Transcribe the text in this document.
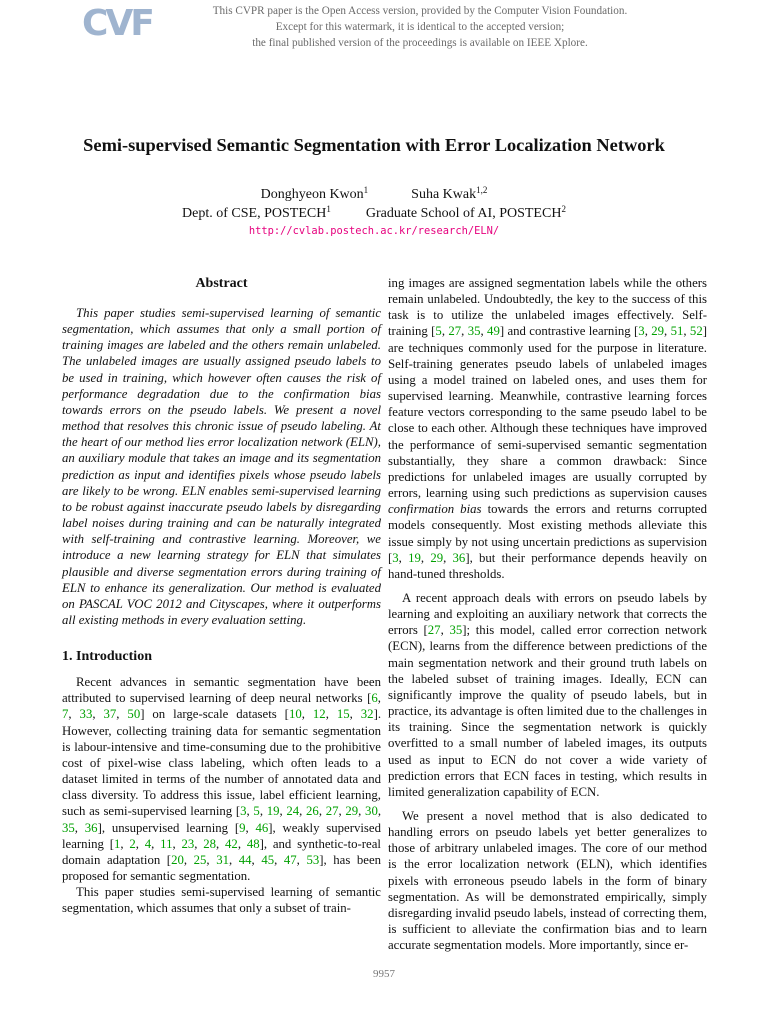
CVF	This CVPR paper is the Open Access version, provided by the Computer Vision Foundation.
Except for this watermark, it is identical to the accepted version;
the final published version of the proceedings is available on IEEE Xplore.
Semi-supervised Semantic Segmentation with Error Localization Network
Donghyeon Kwon$^1$	Suha Kwak$^{1,2}$
Dept. of CSE, POSTECH$^1$	Graduate School of AI, POSTECH$^2$
http://cvlab.postech.ac.kr/research/ELN/
Abstract

This paper studies semi-supervised learning of semantic segmentation, which assumes that only a small portion of training images are labeled and the others remain unlabeled. The unlabeled images are usually assigned pseudo labels to be used in training, which however often causes the risk of performance degradation due to the confirmation bias towards errors on the pseudo labels. We present a novel method that resolves this chronic issue of pseudo labeling. At the heart of our method lies error localization network (ELN), an auxiliary module that takes an image and its segmentation prediction as input and identifies pixels whose pseudo labels are likely to be wrong. ELN enables semi-supervised learning to be robust against inaccurate pseudo labels by disregarding label noises during training and can be naturally integrated with self-training and contrastive learning. Moreover, we introduce a new learning strategy for ELN that simulates plausible and diverse segmentation errors during training of ELN to enhance its generalization. Our method is evaluated on PASCAL VOC 2012 and Cityscapes, where it outperforms all existing methods in every evaluation setting.

1. Introduction

Recent advances in semantic segmentation have been attributed to supervised learning of deep neural networks [6, 7, 33, 37, 50] on large-scale datasets [10, 12, 15, 32]. However, collecting training data for semantic segmentation is labour-intensive and time-consuming due to the prohibitive cost of pixel-wise class labeling, which often leads to a dataset limited in terms of the number of annotated data and class diversity. To address this issue, label efficient learning, such as semi-supervised learning [3, 5, 19, 24, 26, 27, 29, 30, 35, 36], unsupervised learning [9, 46], weakly supervised learning [1, 2, 4, 11, 23, 28, 42, 48], and synthetic-to-real domain adaptation [20, 25, 31, 44, 45, 47, 53], has been proposed for semantic segmentation.

This paper studies semi-supervised learning of semantic segmentation, which assumes that only a subset of train-

ing images are assigned segmentation labels while the others remain unlabeled. Undoubtedly, the key to the success of this task is to utilize the unlabeled images effectively. Self-training [5, 27, 35, 49] and contrastive learning [3, 29, 51, 52] are techniques commonly used for the purpose in literature. Self-training generates pseudo labels of unlabeled images using a model trained on labeled ones, and uses them for supervised learning. Meanwhile, contrastive learning forces feature vectors corresponding to the same pseudo label to be close to each other. Although these techniques have improved the performance of semi-supervised semantic segmentation substantially, they share a common drawback: Since predictions for unlabeled images are usually corrupted by errors, learning using such predictions as supervision causes confirmation bias towards the errors and returns corrupted models consequently. Most existing methods alleviate this issue simply by not using uncertain predictions as supervision [3, 19, 29, 36], but their performance depends heavily on hand-tuned thresholds.

A recent approach deals with errors on pseudo labels by learning and exploiting an auxiliary network that corrects the errors [27, 35]; this model, called error correction network (ECN), learns from the difference between predictions of the main segmentation network and their ground truth labels on the labeled subset of training images. Ideally, ECN can significantly improve the quality of pseudo labels, but in practice, its advantage is often limited due to the challenges in its training. Since the segmentation network is quickly overfitted to a small number of labeled images, its outputs used as input to ECN do not cover a wide variety of prediction errors that ECN faces in testing, which results in limited generalization capability of ECN.

We present a novel method that is also dedicated to handling errors on pseudo labels yet better generalizes to those of arbitrary unlabeled images. The core of our method is the error localization network (ELN), which identifies pixels with erroneous pseudo labels in the form of binary segmentation. As will be demonstrated empirically, simply disregarding invalid pseudo labels, instead of correcting them, is sufficient to alleviate the confirmation bias and to learn accurate segmentation models. More importantly, since er-

9957
